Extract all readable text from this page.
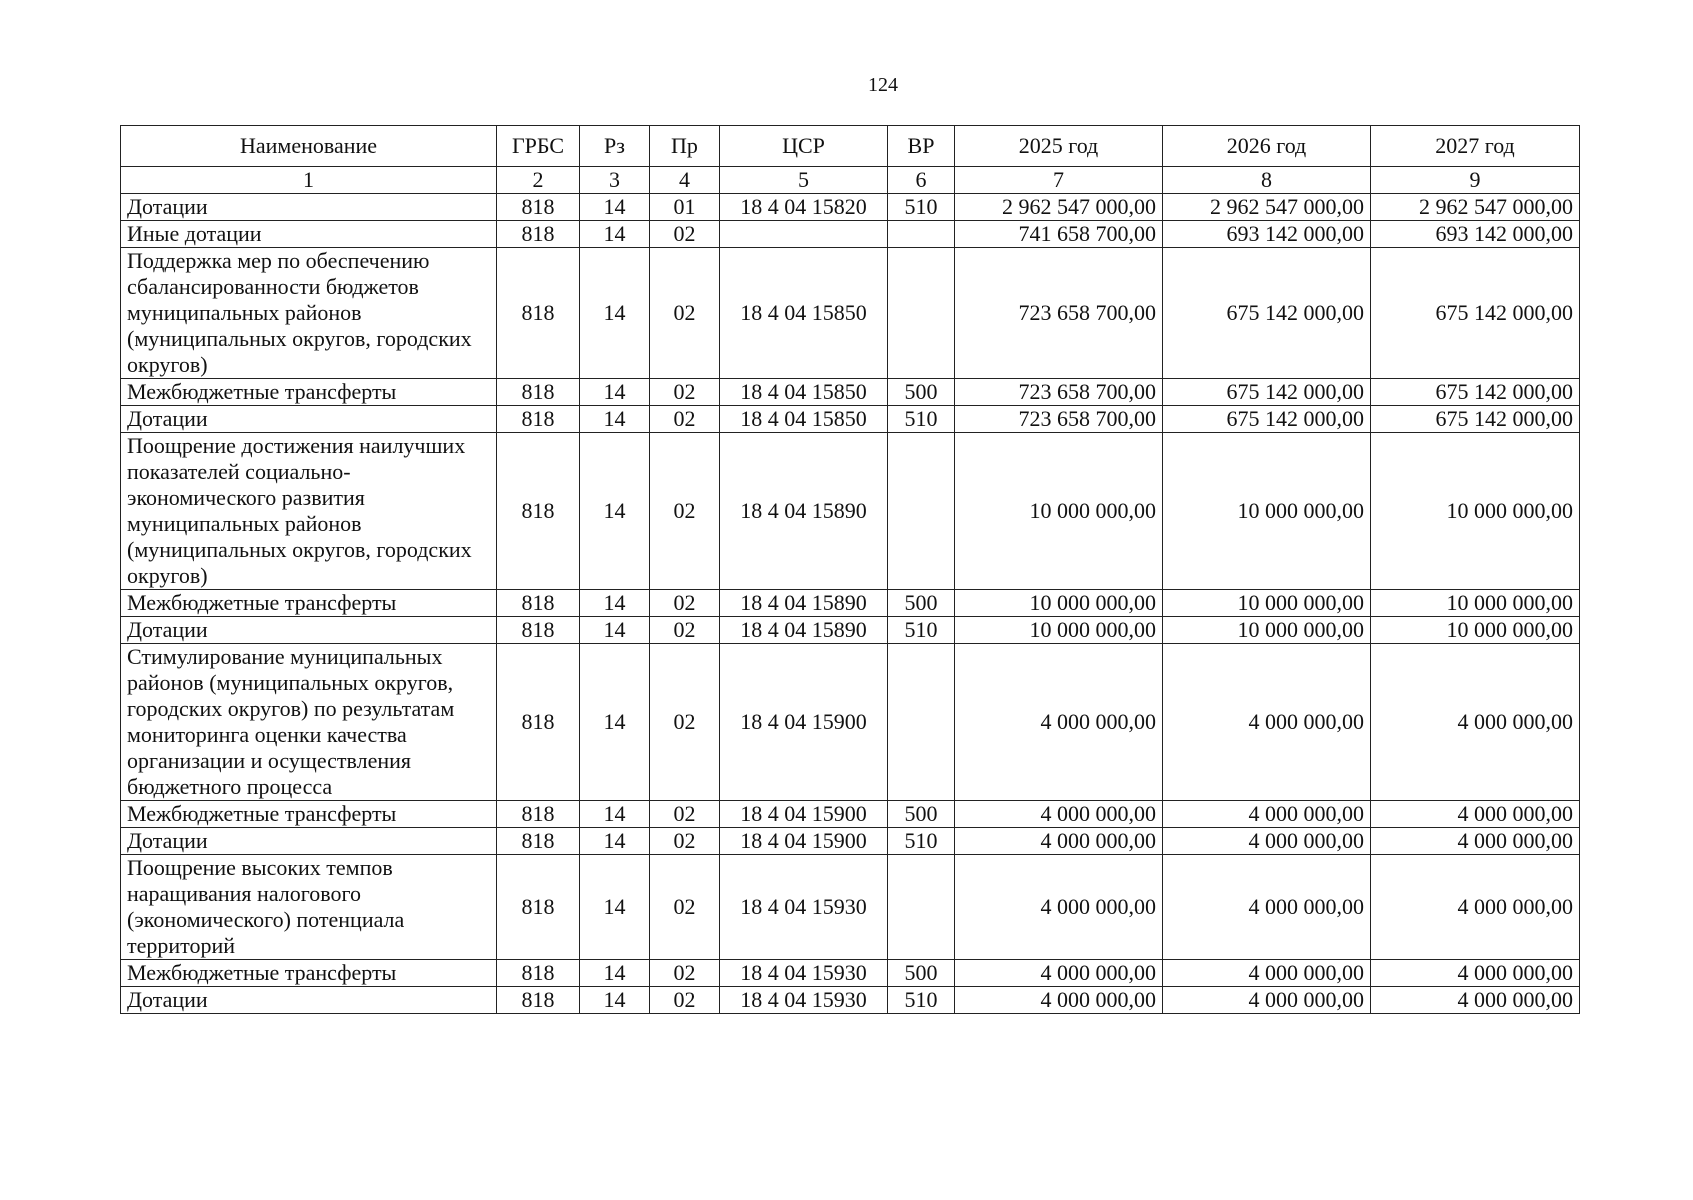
124
Наименование	ГРБС	Рз	Пр	ЦСР	ВР	2025 год	2026 год	2027 год
1	2	3	4	5	6	7	8	9
Дотации	818	14	01	18 4 04 15820	510	2 962 547 000,00	2 962 547 000,00	2 962 547 000,00
Иные дотации	818	14	02			741 658 700,00	693 142 000,00	693 142 000,00
Поддержка мер по обеспечению сбалансированности бюджетов муниципальных районов (муниципальных округов, городских округов)	818	14	02	18 4 04 15850		723 658 700,00	675 142 000,00	675 142 000,00
Межбюджетные трансферты	818	14	02	18 4 04 15850	500	723 658 700,00	675 142 000,00	675 142 000,00
Дотации	818	14	02	18 4 04 15850	510	723 658 700,00	675 142 000,00	675 142 000,00
Поощрение достижения наилучших показателей социально-экономического развития муниципальных районов (муниципальных округов, городских округов)	818	14	02	18 4 04 15890		10 000 000,00	10 000 000,00	10 000 000,00
Межбюджетные трансферты	818	14	02	18 4 04 15890	500	10 000 000,00	10 000 000,00	10 000 000,00
Дотации	818	14	02	18 4 04 15890	510	10 000 000,00	10 000 000,00	10 000 000,00
Стимулирование муниципальных районов (муниципальных округов, городских округов) по результатам мониторинга оценки качества организации и осуществления бюджетного процесса	818	14	02	18 4 04 15900		4 000 000,00	4 000 000,00	4 000 000,00
Межбюджетные трансферты	818	14	02	18 4 04 15900	500	4 000 000,00	4 000 000,00	4 000 000,00
Дотации	818	14	02	18 4 04 15900	510	4 000 000,00	4 000 000,00	4 000 000,00
Поощрение высоких темпов наращивания налогового (экономического) потенциала территорий	818	14	02	18 4 04 15930		4 000 000,00	4 000 000,00	4 000 000,00
Межбюджетные трансферты	818	14	02	18 4 04 15930	500	4 000 000,00	4 000 000,00	4 000 000,00
Дотации	818	14	02	18 4 04 15930	510	4 000 000,00	4 000 000,00	4 000 000,00
